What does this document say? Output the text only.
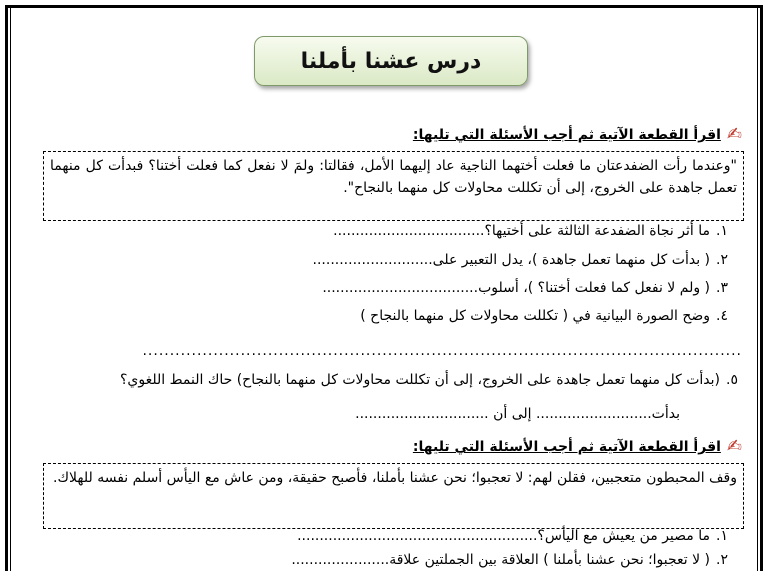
درس عشنا بأملنا
✍
اقرأ القطعة الآتية ثم أجب الأسئلة التي تليها:
"وعندما رأت الضفدعتان ما فعلت أختهما الناجية عاد إليهما الأمل، فقالتا: ولمَ لا نفعل كما فعلت أختنا؟ فبدأت كل منهما تعمل جاهدة على الخروج، إلى أن تكللت محاولات كل منهما بالنجاح".
١.ما أثر نجاة الضفدعة الثالثة على أختيها؟..................................
٢.( بدأت كل منهما تعمل جاهدة )، يدل التعبير على...........................
٣.( ولم لا نفعل كما فعلت أختنا؟ )، أسلوب...................................
٤.وضح الصورة البيانية في ( تكللت محاولات كل منهما بالنجاح )
..............................................................................................................
٥.(بدأت كل منهما تعمل جاهدة على الخروج، إلى أن تكللت محاولات كل منهما بالنجاح) حاك النمط اللغوي؟
بدأت.......................... إلى أن ..............................
✍
اقرأ القطعة الآتية ثم أجب الأسئلة التي تليها:
وقف المحبطون متعجبين، فقلن لهم: لا تعجبوا؛ نحن عشنا بأملنا، فأصبح حقيقة، ومن عاش مع اليأس أسلم نفسه للهلاك.
١.ما مصير من يعيش مع اليأس؟......................................................
٢.( لا تعجبوا؛ نحن عشنا بأملنا ) العلاقة بين الجملتين علاقة......................
